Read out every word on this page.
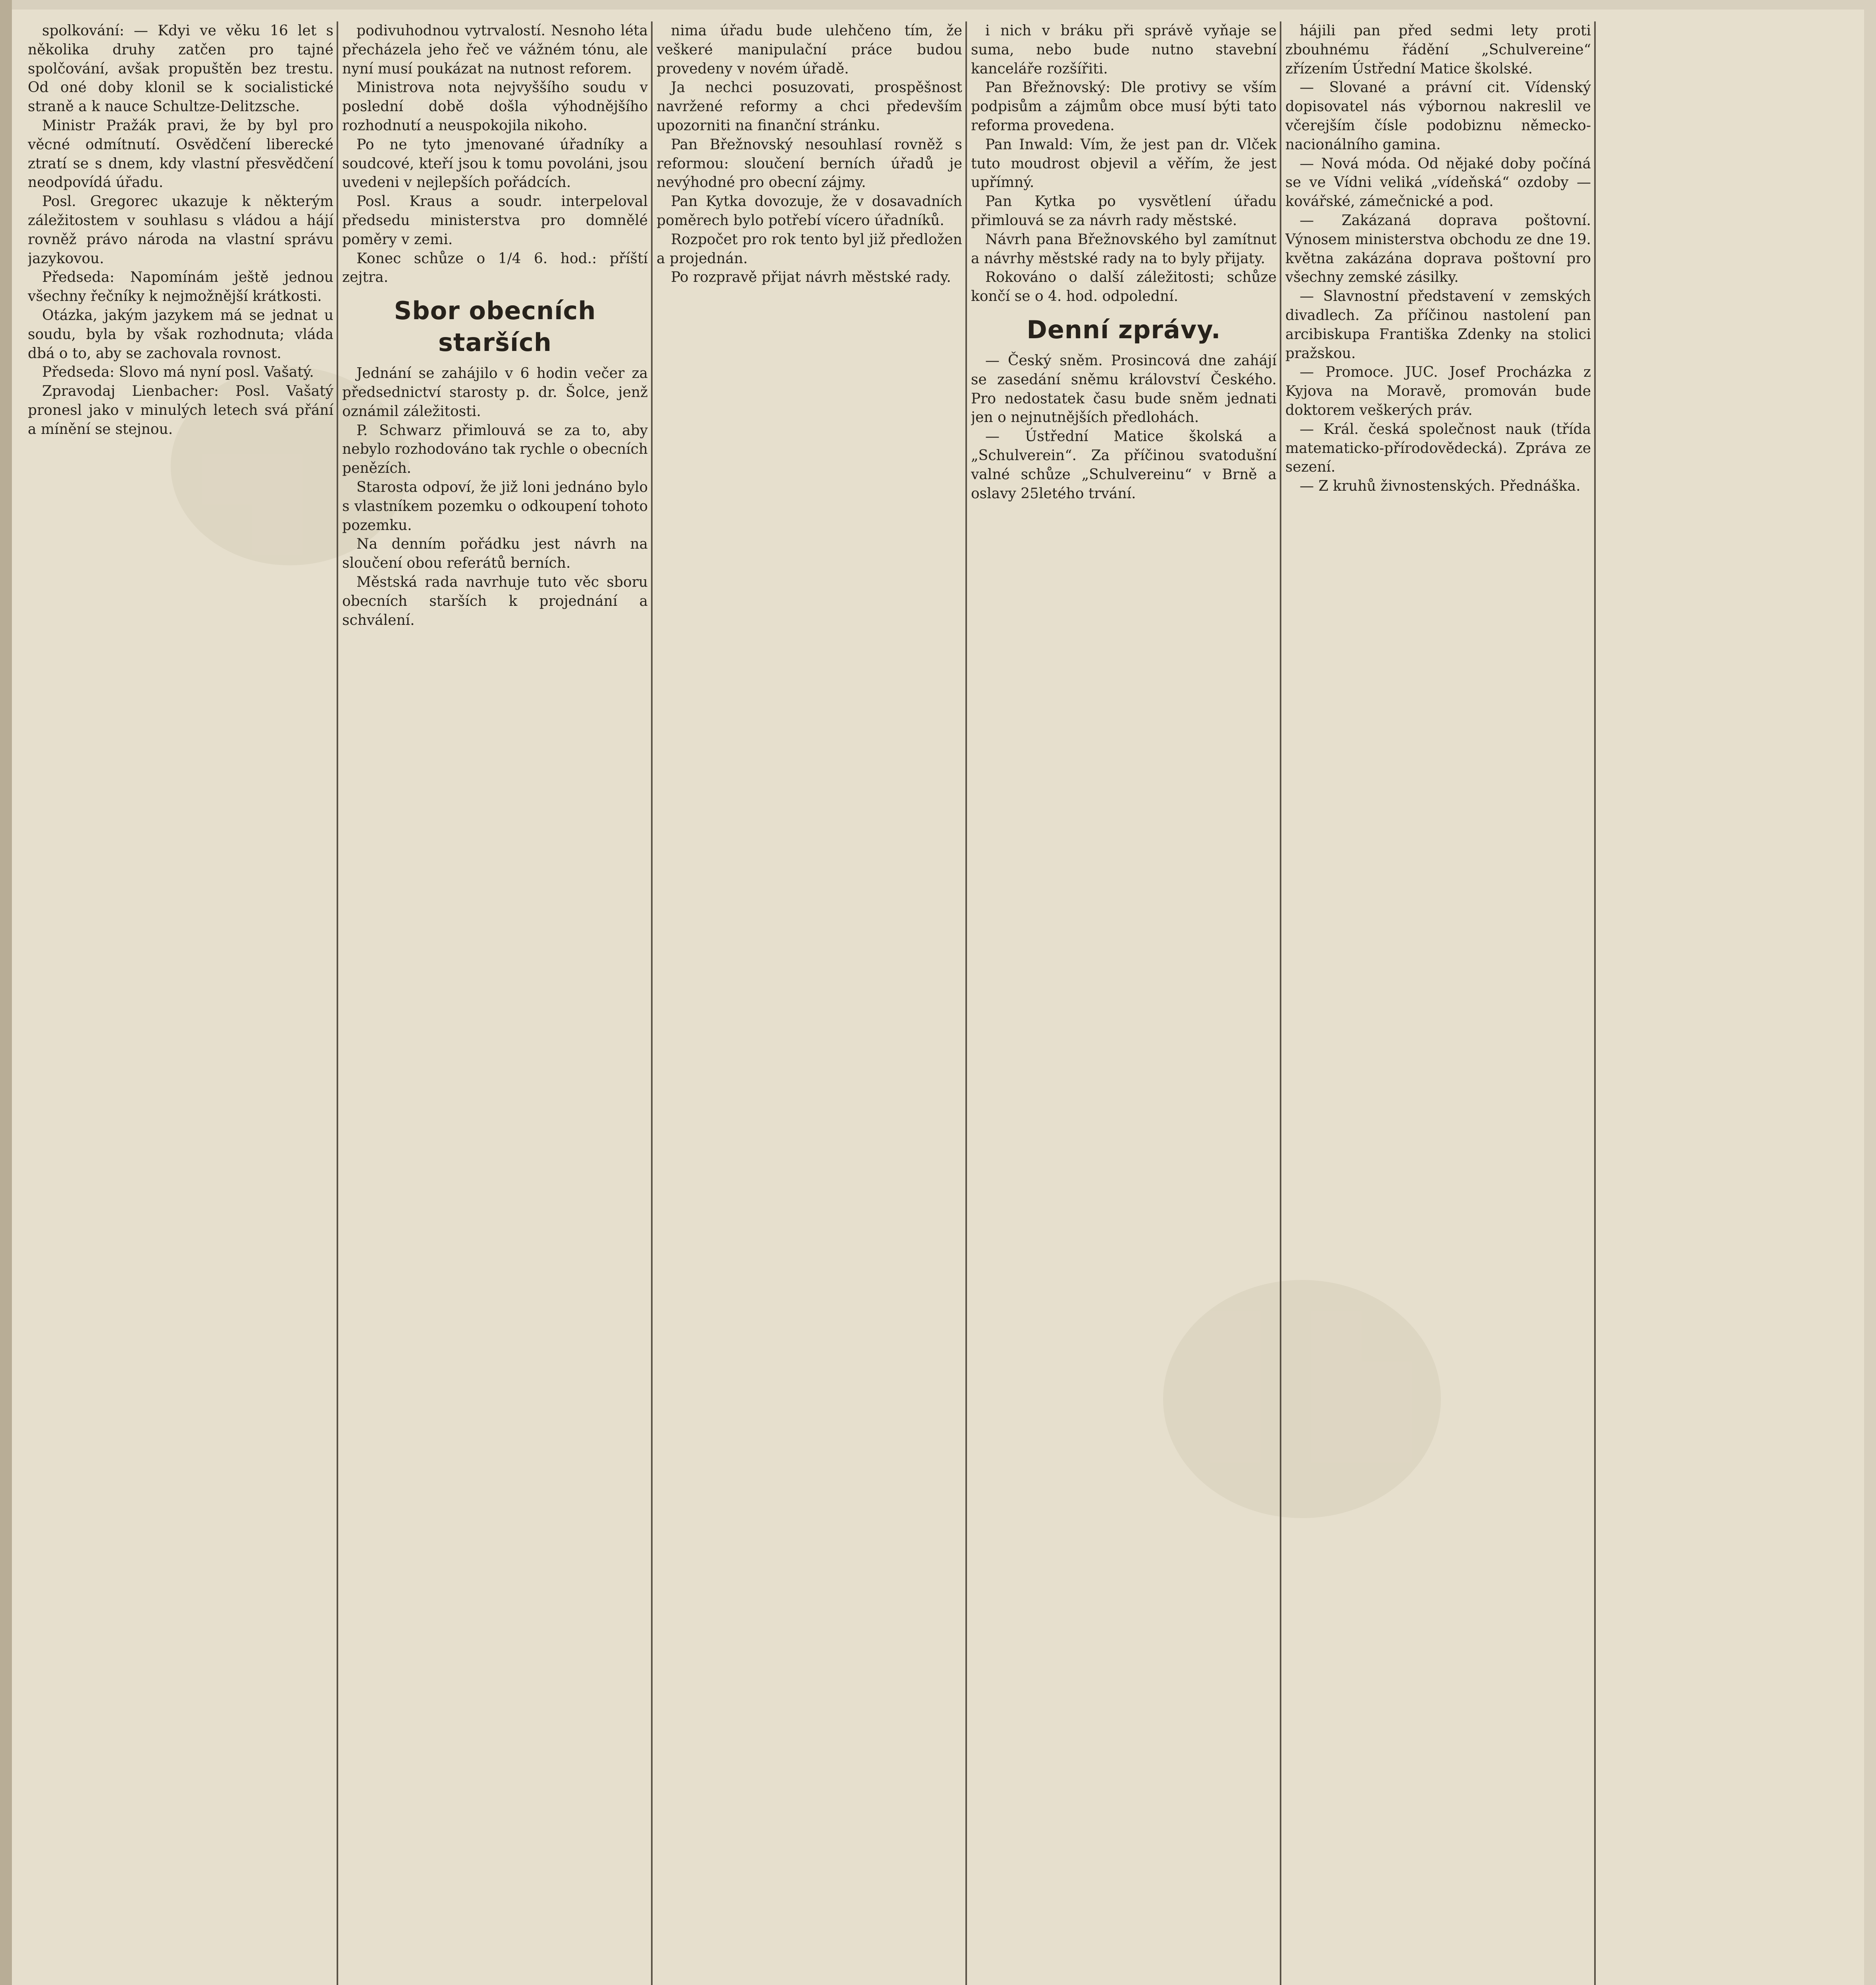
spolkování: — Kdyi ve věku 16 let s několika druhy zatčen pro tajné spolčování, avšak propuštěn bez trestu. Od oné doby klonil se k socialistické straně a k nauce Schultze-Delitzsche.

Ministr Pražák pravi, že by byl pro věcné odmítnutí. Osvědčení liberecké ztratí se s dnem, kdy vlastní přesvědčení neodpovídá úřadu.

Posl. Gregorec ukazuje k některým záležitostem v souhlasu s vládou a hájí rovněž právo národa na vlastní správu jazykovou.

Předseda: Napomínám ještě jednou všechny řečníky k nejmožnější krátkosti.

Otázka, jakým jazykem má se jednat u soudu, byla by však rozhodnuta; vláda dbá o to, aby se zachovala rovnost.

Předseda: Slovo má nyní posl. Vašatý.

Zpravodaj Lienbacher: Posl. Vašatý pronesl jako v minulých letech svá přání a mínění se stejnou.

podivuhodnou vytrvalostí. Nesnoho léta přecházela jeho řeč ve vážném tónu, ale nyní musí poukázat na nutnost reforem.

Ministrova nota nejvyššího soudu v poslední době došla výhodnějšího rozhodnutí a neuspokojila nikoho.

Po ne tyto jmenované úřadníky a soudcové, kteří jsou k tomu povoláni, jsou uvedeni v nejlepších pořádcích.

Posl. Kraus a soudr. interpeloval předsedu ministerstva pro domnělé poměry v zemi.

Konec schůze o 1/4 6. hod.: příští zejtra.

Sbor obecních starších

Jednání se zahájilo v 6 hodin večer za předsednictví starosty p. dr. Šolce, jenž oznámil záležitosti.

P. Schwarz přimlouvá se za to, aby nebylo rozhodováno tak rychle o obecních penězích.

Starosta odpoví, že již loni jednáno bylo s vlastníkem pozemku o odkoupení tohoto pozemku.

Na denním pořádku jest návrh na sloučení obou referátů berních.

Městská rada navrhuje tuto věc sboru obecních starších k projednání a schválení.

nima úřadu bude ulehčeno tím, že veškeré manipulační práce budou provedeny v novém úřadě.

Ja nechci posuzovati, prospěšnost navržené reformy a chci především upozorniti na finanční stránku.

Pan Břežnovský nesouhlasí rovněž s reformou: sloučení berních úřadů je nevýhodné pro obecní zájmy.

Pan Kytka dovozuje, že v dosavadních poměrech bylo potřebí vícero úřadníků.

Rozpočet pro rok tento byl již předložen a projednán.

Po rozpravě přijat návrh městské rady.

i nich v bráku při správě vyňaje se suma, nebo bude nutno stavební kanceláře rozšířiti.

Pan Břežnovský: Dle protivy se vším podpisům a zájmům obce musí býti tato reforma provedena.

Pan Inwald: Vím, že jest pan dr. Vlček tuto moudrost objevil a věřím, že jest upřímný.

Pan Kytka po vysvětlení úřadu přimlouvá se za návrh rady městské.

Návrh pana Břežnovského byl zamítnut a návrhy městské rady na to byly přijaty.

Rokováno o další záležitosti; schůze končí se o 4. hod. odpolední.

Denní zprávy.

— Český sněm. Prosincová dne zahájí se zasedání sněmu království Českého. Pro nedostatek času bude sněm jednati jen o nejnutnějších předlohách.

— Ústřední Matice školská a „Schulverein“. Za příčinou svatodušní valné schůze „Schulvereinu“ v Brně a oslavy 25letého trvání.

hájili pan před sedmi lety proti zbouhnému řádění „Schulvereine“ zřízením Ústřední Matice školské.

— Slované a právní cit. Vídenský dopisovatel nás výbornou nakreslil ve včerejším čísle podobiznu německo-nacionálního gamina.

— Nová móda. Od nějaké doby počíná se ve Vídni veliká „vídeňská“ ozdoby — kovářské, zámečnické a pod.

— Zakázaná doprava poštovní. Výnosem ministerstva obchodu ze dne 19. května zakázána doprava poštovní pro všechny zemské zásilky.

— Slavnostní představení v zemských divadlech. Za příčinou nastolení pan arcibiskupa Františka Zdenky na stolici pražskou.

— Promoce. JUC. Josef Procházka z Kyjova na Moravě, promován bude doktorem veškerých práv.

— Král. česká společnost nauk (třída matematicko-přírodovědecká). Zpráva ze sezení.

— Z kruhů živnostenských. Přednáška.
